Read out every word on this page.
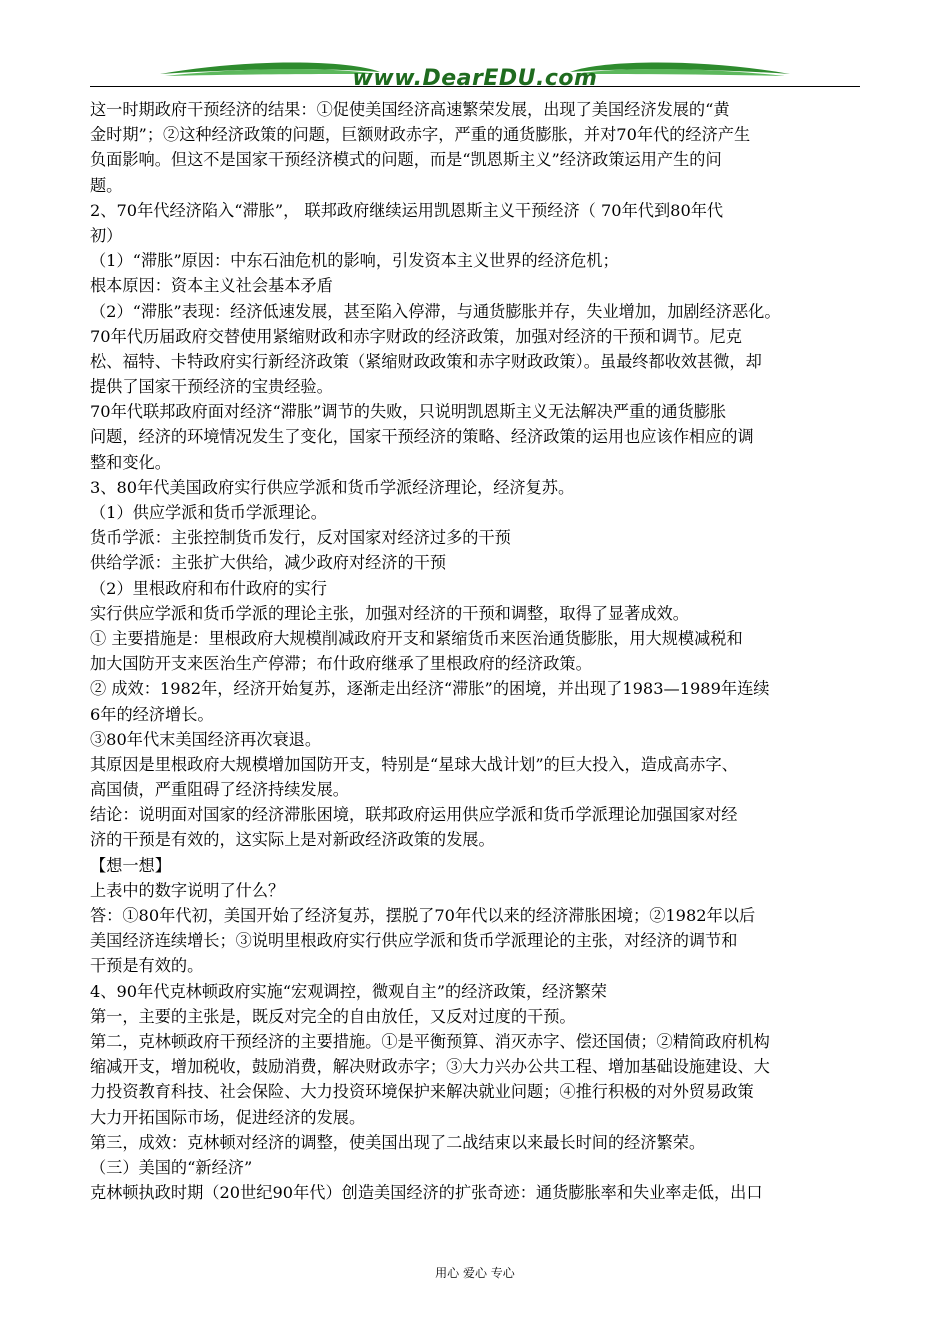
www.DearEDU.com
这一时期政府干预经济的结果：①促使美国经济高速繁荣发展，出现了美国经济发展的“黄
金时期”；②这种经济政策的问题，巨额财政赤字，严重的通货膨胀，并对70年代的经济产生
负面影响。但这不是国家干预经济模式的问题，而是“凯恩斯主义”经济政策运用产生的问
题。
2、70年代经济陷入“滞胀”， 联邦政府继续运用凯恩斯主义干预经济（ 70年代到80年代
初）
（1）“滞胀”原因：中东石油危机的影响，引发资本主义世界的经济危机；
根本原因：资本主义社会基本矛盾
（2）“滞胀”表现：经济低速发展，甚至陷入停滞，与通货膨胀并存，失业增加，加剧经济恶化。
70年代历届政府交替使用紧缩财政和赤字财政的经济政策，加强对经济的干预和调节。尼克
松、福特、卡特政府实行新经济政策（紧缩财政政策和赤字财政政策）。虽最终都收效甚微，却
提供了国家干预经济的宝贵经验。
70年代联邦政府面对经济“滞胀”调节的失败，只说明凯恩斯主义无法解决严重的通货膨胀
问题，经济的环境情况发生了变化，国家干预经济的策略、经济政策的运用也应该作相应的调
整和变化。
3、80年代美国政府实行供应学派和货币学派经济理论，经济复苏。
（1）供应学派和货币学派理论。
货币学派：主张控制货币发行，反对国家对经济过多的干预
供给学派：主张扩大供给，减少政府对经济的干预
（2）里根政府和布什政府的实行
实行供应学派和货币学派的理论主张，加强对经济的干预和调整，取得了显著成效。
① 主要措施是：里根政府大规模削减政府开支和紧缩货币来医治通货膨胀，用大规模减税和
加大国防开支来医治生产停滞；布什政府继承了里根政府的经济政策。
② 成效：1982年，经济开始复苏，逐渐走出经济“滞胀”的困境，并出现了1983—1989年连续
6年的经济增长。
③80年代末美国经济再次衰退。
其原因是里根政府大规模增加国防开支，特别是“星球大战计划”的巨大投入，造成高赤字、
高国债，严重阻碍了经济持续发展。
结论：说明面对国家的经济滞胀困境，联邦政府运用供应学派和货币学派理论加强国家对经
济的干预是有效的，这实际上是对新政经济政策的发展。
【想一想】
上表中的数字说明了什么？
答：①80年代初，美国开始了经济复苏，摆脱了70年代以来的经济滞胀困境；②1982年以后
美国经济连续增长；③说明里根政府实行供应学派和货币学派理论的主张，对经济的调节和
干预是有效的。
4、90年代克林顿政府实施“宏观调控，微观自主”的经济政策，经济繁荣
第一，主要的主张是，既反对完全的自由放任，又反对过度的干预。
第二，克林顿政府干预经济的主要措施。①是平衡预算、消灭赤字、偿还国债；②精简政府机构
缩减开支，增加税收，鼓励消费，解决财政赤字；③大力兴办公共工程、增加基础设施建设、大
力投资教育科技、社会保险、大力投资环境保护来解决就业问题；④推行积极的对外贸易政策
大力开拓国际市场，促进经济的发展。
第三，成效：克林顿对经济的调整，使美国出现了二战结束以来最长时间的经济繁荣。
（三）美国的“新经济”
克林顿执政时期（20世纪90年代）创造美国经济的扩张奇迹：通货膨胀率和失业率走低，出口
用心 爱心 专心
